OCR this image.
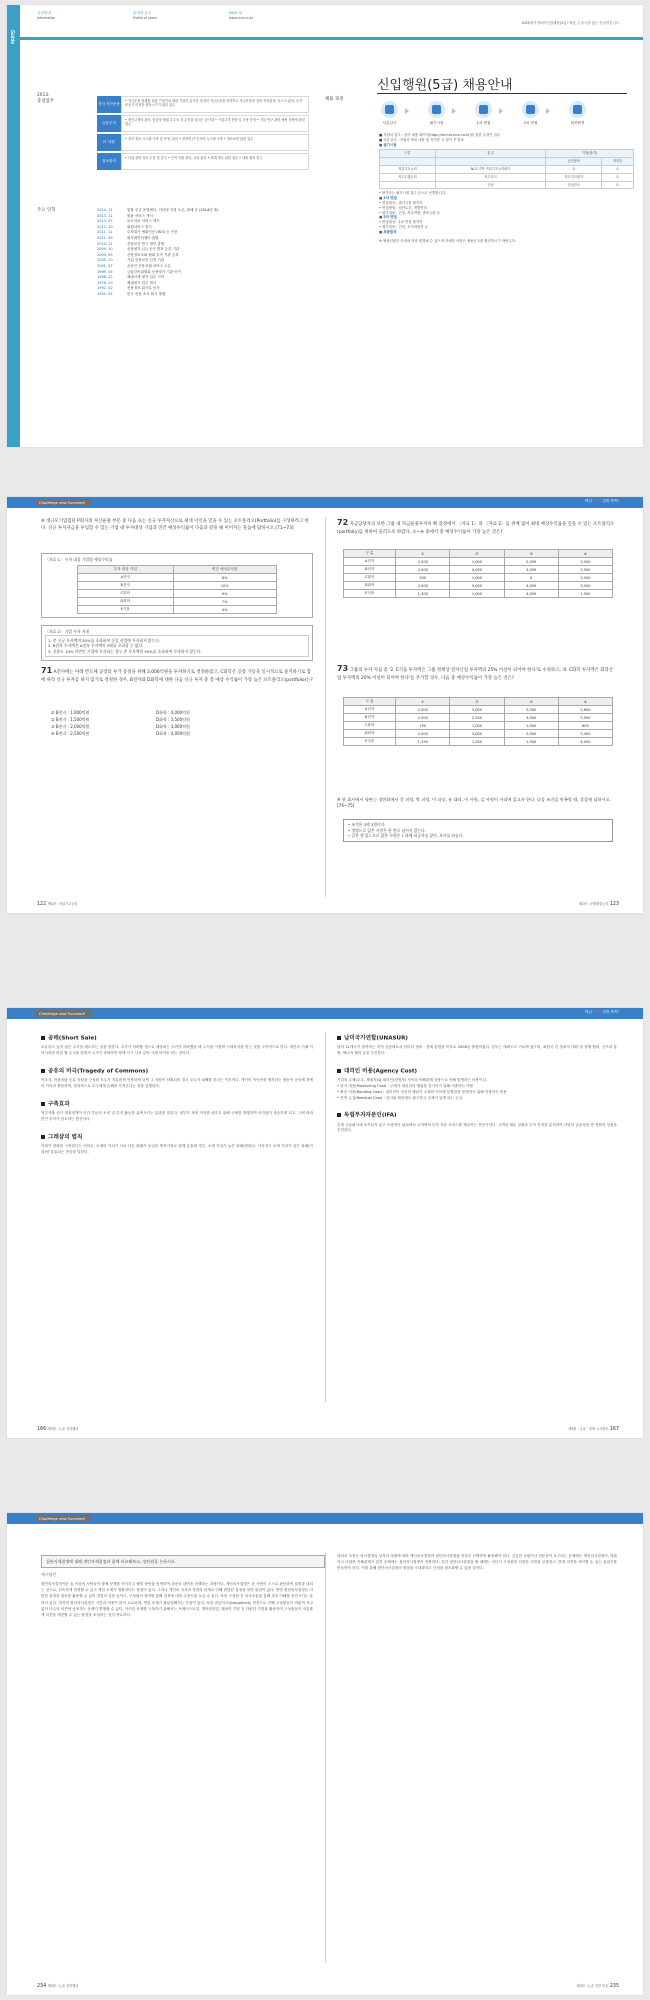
Guide
사업안내
Information
분야의 공고
Profile of years
NICE 위
www.nice.co.kr
NICE평가정보㈜신입채용(5급) 채용, 논술시험 없는 신입직입니다
2013.
중점업무	전사 자산운용
• 자금운용 현재를 위한 기업가치 평판 기업의 유가증 자치의 자금운용을 전략하고 자금운용을 전략 자산관리, 리스크 관리, 투자 운용 수익성을 향상시키기 위한 업무
금융투자
• 개인고객의 관리, 맞춤형 채권 수수료 감 수익을 올리는 공사업 • 기업고객 전담 및 신용 운영 • 기업 연구 관련 예측 상품에 관련 업무
IT 지원
• 전사 정보 시스템 구축 및 운영, 관리 • 전략적 IT 인프라 시스템 구축 • 정보보안 관련 업무
정보관리
• 사업 관련 정보 수집 및 분석 • 인적 자원 관리, 교육 관리 • 회계 세무 관련 업무 • 대외 협력 업무
주요 연혁	2014. 12	통합 신규 운영센터, 인터넷 지점 오픈, 판매 등 (2014년 중)
2013. 11	평판 서비스 개시
2013. 07	보도자료 서비스 개시
2012. 10	회원서비스 출시
2011. 11	투자회사 협회인증 (ISO) 등 인증
2011. 09	회사데이터센터 출범
2010. 11	신용보증 연구 재단 출범
2009. 10	신용평가 (주) 공식 발표 등록 기관
2009. 05	산용정보조회 협회 부속 기관 등록
2005. 10	기업 신용보증 인정 기관
2001. 07	온라인 신용조회 서비스 오픈
1999. 05	금융감독위원회 신용평가 기관 인가
1998. 12	채권시세 평가 업무 시작
1976. 10	채권평가 업무 개시
1992. 02	신용정보 회사로 인가
1954. 04	한국 신용 조사 회사 창립
신입행원(5급) 채용안내
채용 과정
서류심사	필기시험	1차 면접	2차 면접	최종합격
■ 지원서 접수 : 당사 채용 페이지(http://recruit.nice.co.kr)를 통한 온라인 접수
■ 서류심사 : 지원서 작성 내용 및 자격증 등 평가 후 발표
■ 필기시험
구분	점 수	가점(합격)	
		공인영어	자격증
직업기초능력	NCS 기반 직업기초능력평가	0	0
직무수행능력	직무지식	직무지식평가	0
	인성	인성검사	0
* 합격자는 필기시험 점수 순으로 선발합니다.
■ 1차 면접
• 면접대상 : 필기시험 합격자
• 면접방법 : 집단토론, 개별면접
• 평가내용 : 인성, 직무역량, 발표능력 등
■ 2차 면접
• 면접대상 : 1차 면접 합격자
• 평가내용 : 인성, 조직적합성 등
■ 최종합격
※ 채용인원은 사정에 따라 변경될 수 있으며 자세한 사항은 채용공고를 확인하시기 바랍니다.
Challenge and Succeed!	핵심 쏙쏙! 일반 쏙쏙!
※ 대규모기업집단 P회사의 자산운용 부문 중 다음 표는 신규 투자자산으로 최대 이익을 얻을 수 있는 포트폴리오(Portfolio)를 구성하라고 한다. 신규 투자자금을 투입할 수 있는 기업 내 투자대상 기업과 연간 예상수익률이 다음과 같을 때 이어지는 물음에 답하시오.[71~73]
〈자료 1〉 투자 대상 기업별 예상수익률
투자 대상 기업	연간 예상수익률
A전자	8%
B전자	10%
C화학	9%
D화학	7%
E식품	4%
〈자료 2〉 기업 투자 지침
1. 총 신규 투자액의 50%를 초과하여 동일 산업에 투자하지 않는다.
2. B전자 투자액은 A전자 투자액의 2배를 초과할 수 없다.
3. 신용도 10% 미만인 기업에 투자하는 경우 총 투자액의 30%를 초과하여 투자하지 않는다.
71 A전자에는 아래 반도체 공장의 투가 증설을 위해 3,000억원을 투자하기로 결정하였고, C화학은 공장 가동을 일시적으로 중지하기로 함에 따라 신규 투자를 하지 않기로 결정한 경우, B전자와 D화학에 대한 다음 신규 투자 중 총 예상 수익률이 가장 높은 포트폴리오(portfolio)는?
① B전자 : 1,000억원	D화학 : 4,000억원
② B전자 : 1,500억원	D화학 : 3,500억원
③ B전자 : 2,000억원	D화학 : 3,000억원
④ B전자 : 2,500억원	D화학 : 4,000억원
72 자금담당자의 보한 그룹 내 자금운용투자처 확 과정에서 〈자료 1〉과 〈자료 2〉를 위배 없이 최대 예상수익률을 얻을 수 있는 포트폴리오(portfolio)를 위하여 올리도록 하였다. ①~④ 중에서 총 예상수익률이 가장 높은 것은?
구 분	①	②	③	④
A전자	2,200	1,000	2,000	2,000
B전자	2,500	4,000	3,000	2,500
C화학	500	1,000	0	2,000
D화학	2,500	3,000	4,000	3,000
E식품	1,300	1,000	4,000	1,500
73 그룹의 투자 지침 중 '2. E식품 투자액은 그룹 정책상 전자산업 투자액의 25% 이상이 되어야 한다'로 수정하고, '4. C화학 투자액은 화학산업 투자액의 20% 이상이 되어야 한다'를 추가할 경우, 다음 중 예상수익률이 가장 높은 것은?
구 분	①	②	③	④
A전자	2,000	3,000	2,000	2,600
B전자	2,500	2,500	3,000	2,500
C화학	750	1,000	1,000	600
D화학	2,000	3,000	2,000	2,400
E식품	1,150	1,500	1,500	4,000
※ 한 회사에서 평판는 경연회에서 갈 퍼정, 박 퍼정, 이 과장, 유 대리, 이 사원, 김 사원이 자리에 있고자 한다. 다음 조건을 만족할 때, 물음에 답하시오.[74~75]
• 조석은 3행 2열이다.
• 정명으로 앉은 사람은 한 칸로 넘어서 앉는다.
• 같은 행 있으므로 앉은 사람은 1 하에 되공자를 앉아, 보리를 한놓다.
122 제1편 : 직업기초능력	제2편 : 문제해결능력 123
Challenge and Succeed!	핵심 쏙쏙! 일반 쏙쏙!
공매(Short Sale)
보유하고 있지 않은 주식을 매도하는 것을 말한다. 주가가 하락할 것으로 예상되는 주가가 하락했을 때 주식을 시장에 시세차익을 얻는 것을 주목적으로 한다. 개인의 거래 이 의사하면 미결 할 주식을 빌려서 주가가 하락하면 싸게 다시 사서 갚아 시세 차익을 얻는 것이다.
공유의 비극(Tragedy of Commons)
목초지, 어장처럼 공유 자원을 구성원 모두가 자유롭게 이용하게 되면 그 자원이 남획되어 결국 모두가 피해를 본다는 이론이다. 개인의 이익만을 생각하는 행동이 공동체 전체의 이익과 충돌하여, 결과적으로 모두에게 손해를 가져온다는 것을 설명한다.
구축효과
정부지출 증가 재정정책이 민간 부문의 소비 및 투자 활동을 위축시키는 효과를 말한다. 정부가 재정 적자를 메우기 위해 국채를 발행하면 이자율이 상승하게 되고, 그에 따라 민간 투자가 감소하는 현상이다.
그레샴의 법칙
악화가 양화를 구축한다는 의미로, 소재의 가치가 서로 다른 화폐가 동일한 명목가치로 함께 유통될 경우, 소재 가치가 높은 화폐(양화)는 사라지고 소재 가치가 낮은 화폐(악화)만 유통되는 현상을 말한다.
남미국가연합(UNASUR)
남미 12개국이 참여하는 지역 공동체로서 남미의 정치 · 경제 통합을 목표로 2008년 출범하였다. 본부는 에콰도르 키토에 있으며, 회원국 간 정치적 대화 및 경제 협력, 인프라 통합, 에너지 협력 등을 추진한다.
대리인 비용(Agency Cost)
기업의 주체(주주, 채권자)와 대리인(경영자) 사이의 이해관계 상충으로 인해 발생하는 비용이다.
• 감시 비용(Monitoring Cost) : 주체가 대리인의 행위를 감시하기 위해 지출하는 비용
• 확증 비용(Bonding Cost) : 대리인이 자신의 행위가 주체의 이익에 부합함을 증명하기 위해 지출하는 비용
• 잔여 손실(Residual Cost) : 감시와 확증에도 불구하고 주체가 입게 되는 손실
독립투자자문인(IFA)
특정 금융회사에 소속되지 않고 독립적인 위치에서 고객에게 투자 자문 서비스를 제공하는 전문가이다. 고객의 재무 상황과 투자 목적을 분석하여 다양한 금융상품 중 적합한 상품을 추천한다.
166 제3편 : 논술 전망해서	제3편 : 금융 · 경제 시사용어 167
Challenge and Succeed!
집단자세결정에 대해 개인자세결정과 함께 비교해보고, 장단점을 논하시오.
예시답안
집단의사결정이란 둘 이상의 사람들이 함께 문제를 인식하고 해결 방안을 탐색하여 최선의 대안을 선택하는 과정이다. 개인의사결정은 한 사람이 스스로 판단하여 결정을 내리는 것으로, 신속하게 결정할 수 있고 책임 소재가 명확하다는 장점이 있다. 그러나 개인의 지식과 경험의 한계로 인해 편향된 결정을 내릴 위험이 있다. 반면 집단의사결정은 다양한 관점과 정보를 활용할 수 있어 결정의 질을 높이고, 구성원의 참여를 통해 결정에 대한 수용도를 높일 수 있다. 또한 구성원 간 의사소통을 통해 상호 이해를 증진시키는 효과가 있다. 하지만 집단의사결정은 시간과 비용이 많이 소요되며, 책임 소재가 불분명해지는 단점이 있다. 또한 집단사고(Groupthink) 현상으로 인해 구성원들이 비판적 사고 없이 다수의 의견에 동조하는 문제가 발생할 수 있다. 이러한 문제를 극복하기 위해서는 브레인스토밍, 명목집단법, 델파이 기법 등 다양한 기법을 활용하여 구성원들이 자유롭게 의견을 개진할 수 있는 환경을 조성하는 것이 중요하다.
따라서 조직은 의사결정의 성격과 상황에 따라 개인의사결정과 집단의사결정을 적절히 선택하여 활용해야 한다. 긴급한 상황이나 전문성이 요구되는 문제에는 개인의사결정이, 복잡하고 다양한 이해관계가 얽힌 문제에는 집단의사결정이 적합하다. 특히 집단의사결정을 할 때에는 리더가 구성원의 다양한 의견을 존중하고, 반대 의견을 제시할 수 있는 분위기를 만들어야 한다. 이를 통해 집단의사결정의 장점을 극대화하고 단점을 최소화할 수 있을 것이다.
234 제3편 : 논술 전망해서	제3편 : 논술 전망 연습 235
